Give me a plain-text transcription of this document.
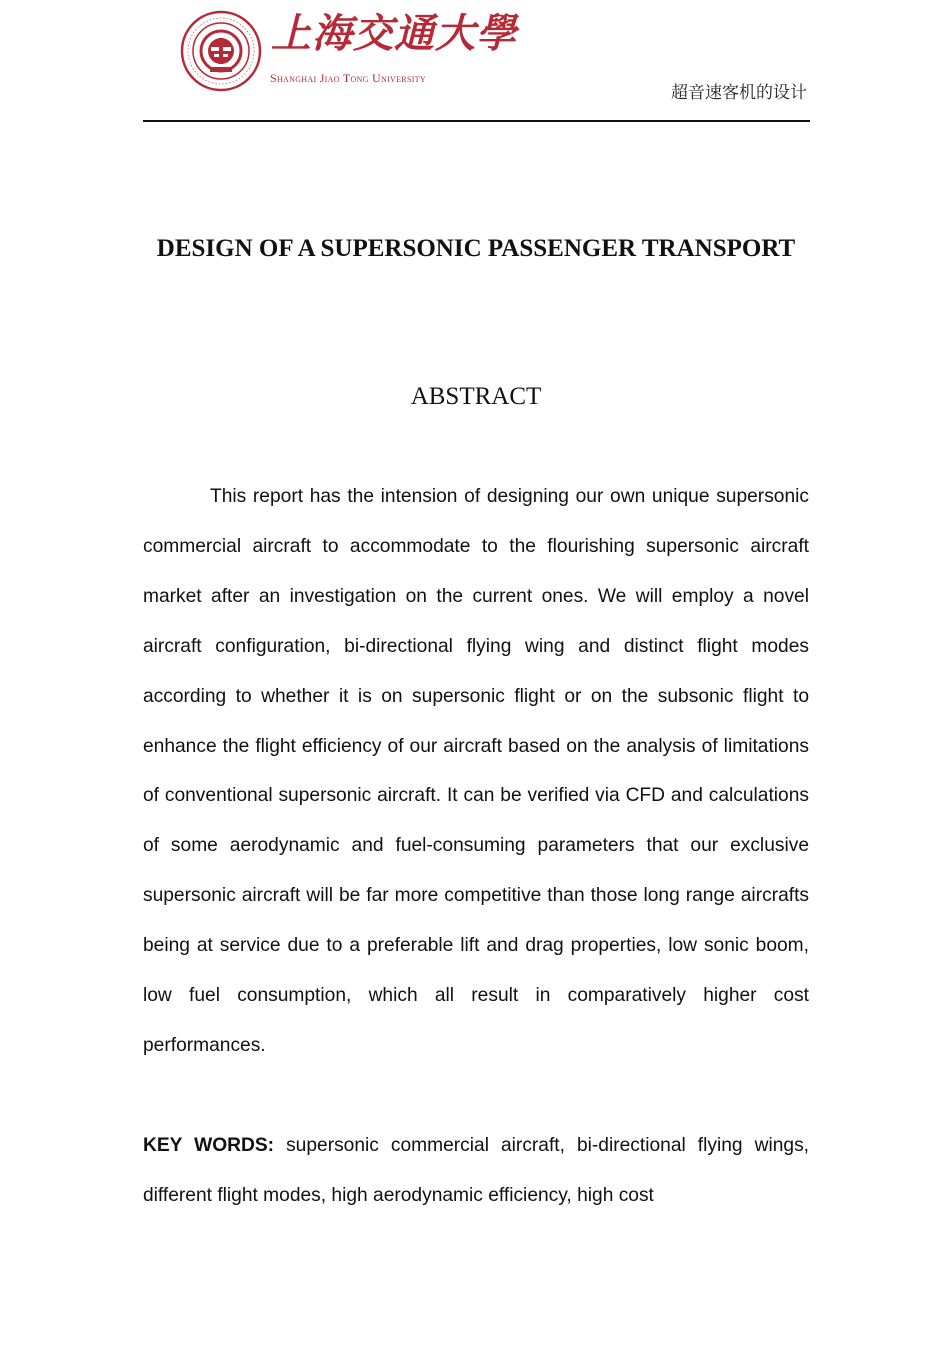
上海交通大學
Shanghai Jiao Tong University
超音速客机的设计
DESIGN OF A SUPERSONIC PASSENGER TRANSPORT
ABSTRACT

This report has the intension of designing our own unique supersonic commercial aircraft to accommodate to the flourishing supersonic aircraft market after an investigation on the current ones. We will employ a novel aircraft configuration, bi-directional flying wing and distinct flight modes according to whether it is on supersonic flight or on the subsonic flight to enhance the flight efficiency of our aircraft based on the analysis of limitations of conventional supersonic aircraft. It can be verified via CFD and calculations of some aerodynamic and fuel-consuming parameters that our exclusive supersonic aircraft will be far more competitive than those long range aircrafts being at service due to a preferable lift and drag properties, low sonic boom, low fuel consumption, which all result in comparatively higher cost performances.

KEY WORDS: supersonic commercial aircraft, bi-directional flying wings, different flight modes, high aerodynamic efficiency, high cost
